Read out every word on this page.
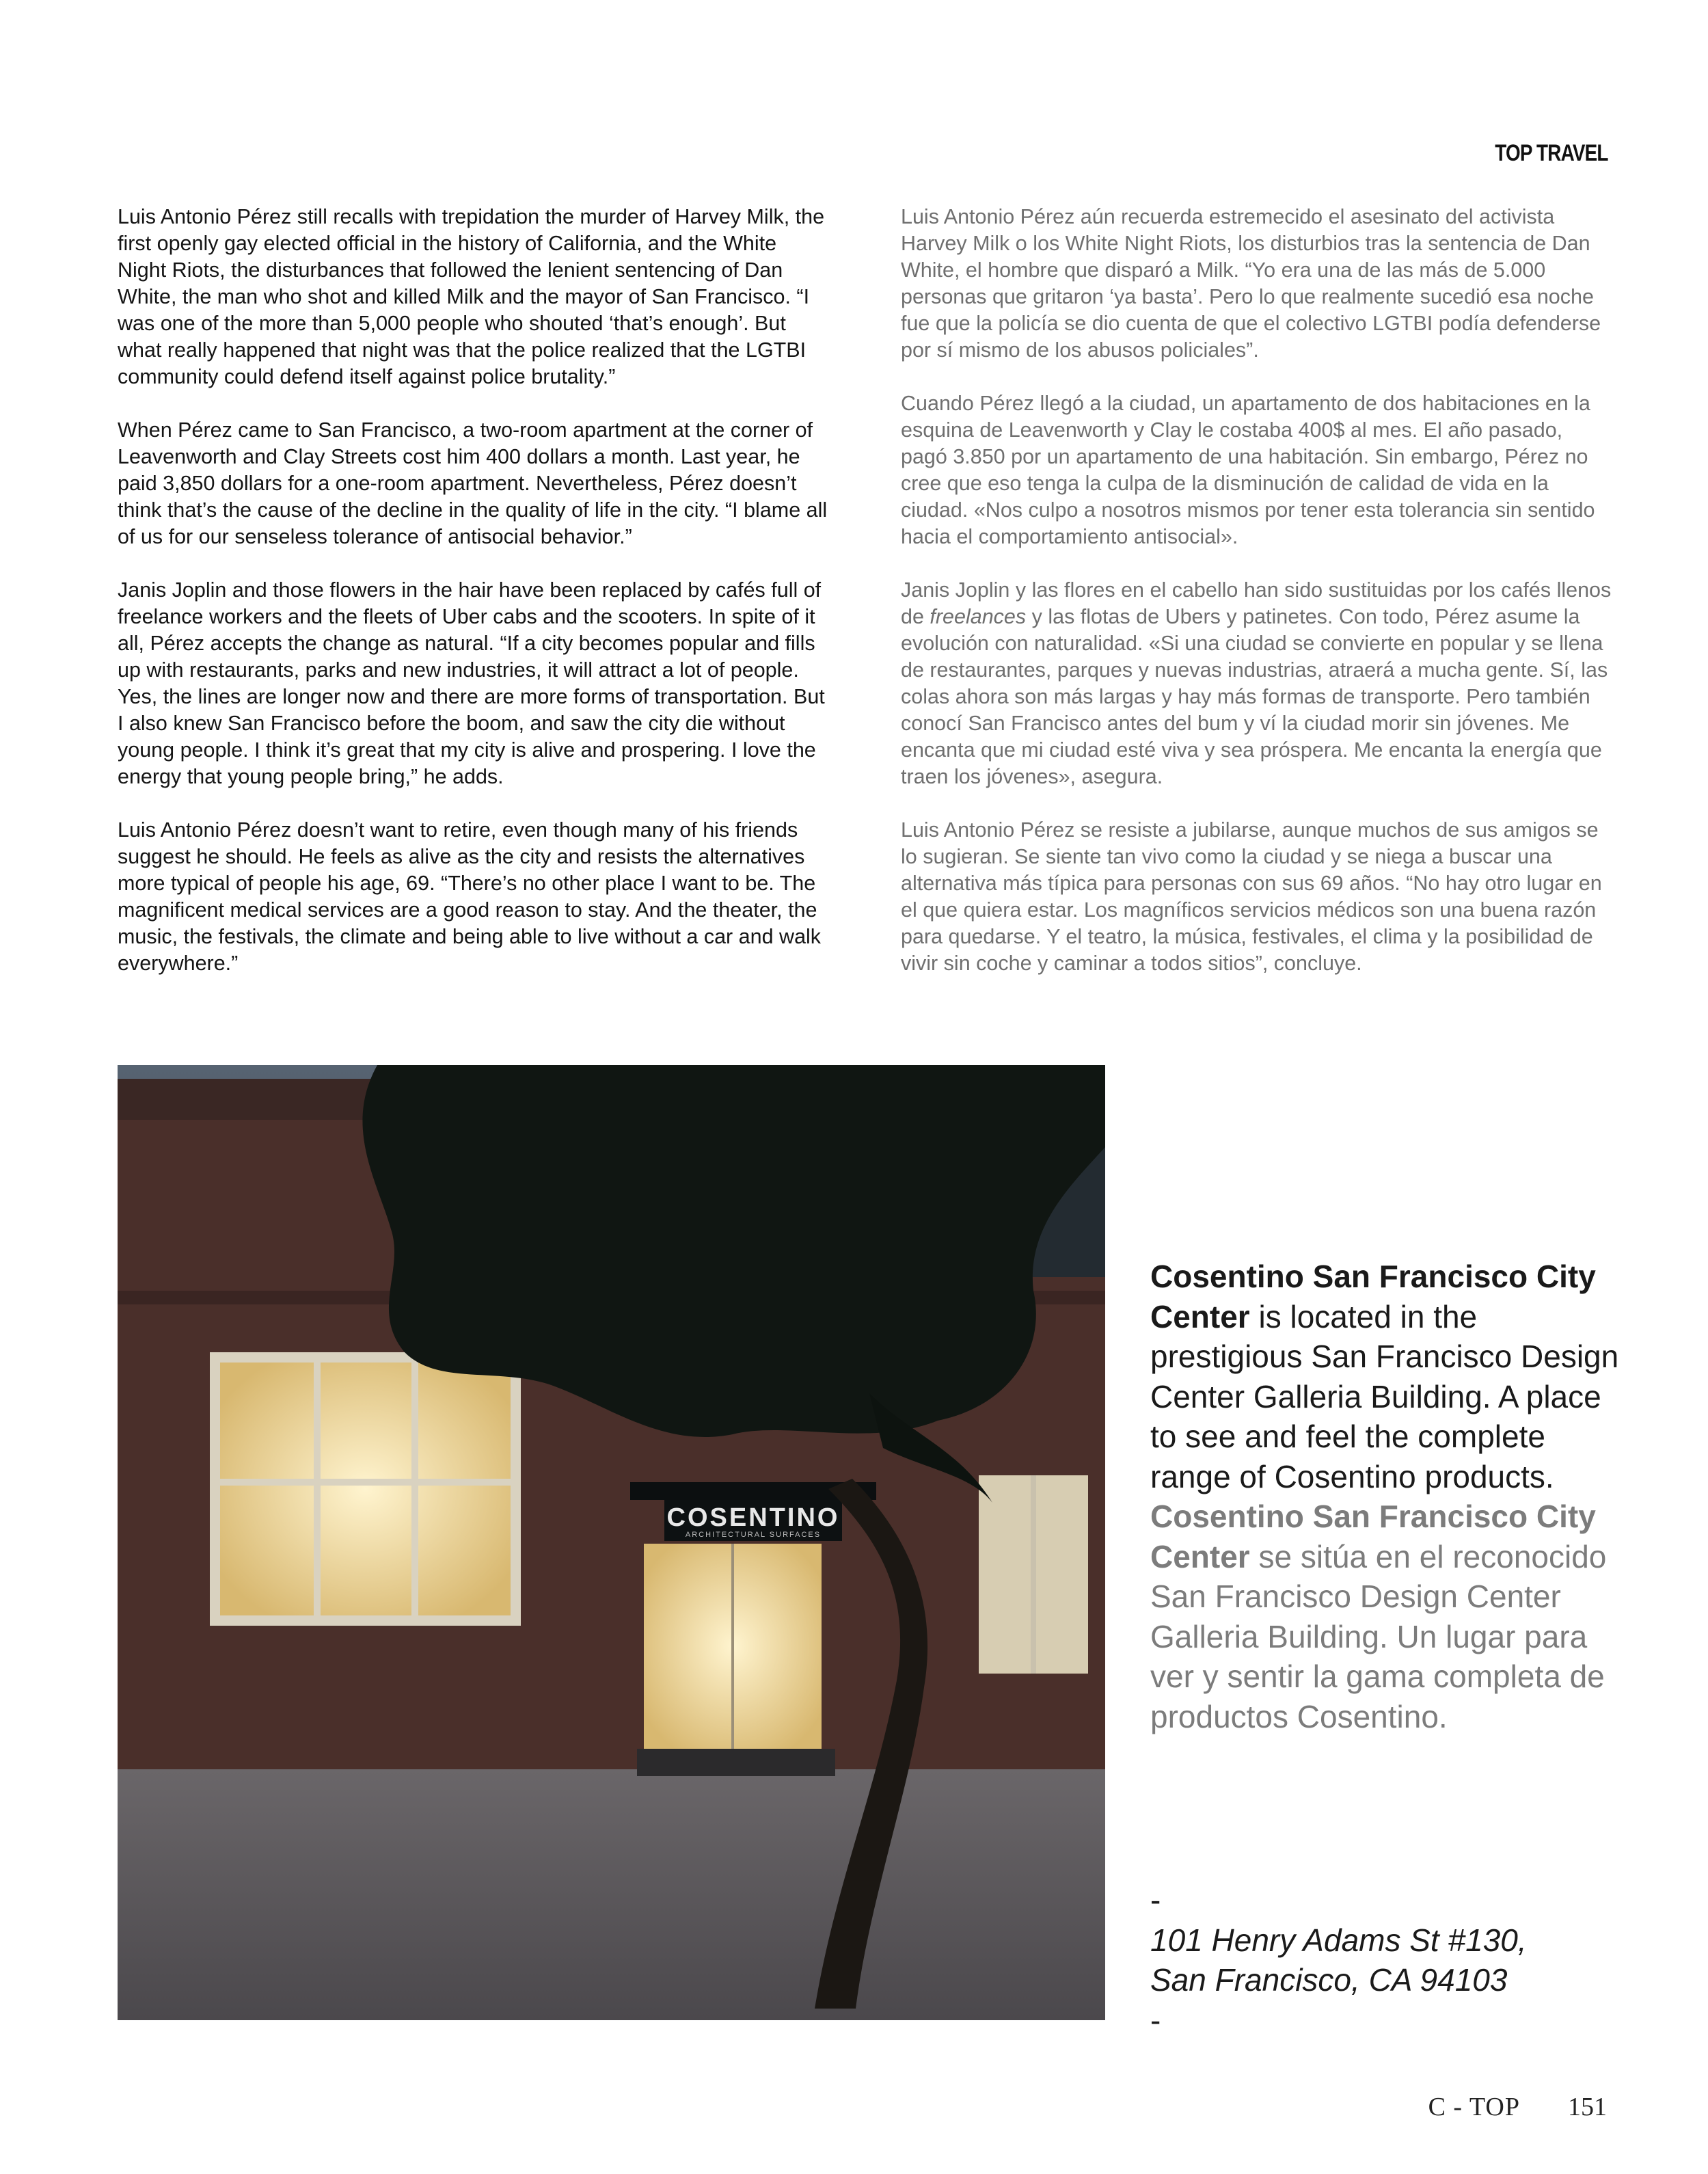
TOP TRAVEL

Luis Antonio Pérez still recalls with trepidation the murder of Harvey Milk, the first openly gay elected official in the history of California, and the White Night Riots, the disturbances that followed the lenient sentencing of Dan White, the man who shot and killed Milk and the mayor of San Francisco. “I was one of the more than 5,000 people who shouted ‘that’s enough’. But what really happened that night was that the police realized that the LGTBI community could defend itself against police brutality.”

When Pérez came to San Francisco, a two-room apartment at the corner of Leavenworth and Clay Streets cost him 400 dollars a month. Last year, he paid 3,850 dollars for a one-room apartment. Nevertheless, Pérez doesn’t think that’s the cause of the decline in the quality of life in the city. “I blame all of us for our senseless tolerance of antisocial behavior.”

Janis Joplin and those flowers in the hair have been replaced by cafés full of freelance workers and the fleets of Uber cabs and the scooters. In spite of it all, Pérez accepts the change as natural. “If a city becomes popular and fills up with restaurants, parks and new industries, it will attract a lot of people. Yes, the lines are longer now and there are more forms of transportation. But I also knew San Francisco before the boom, and saw the city die without young people. I think it’s great that my city is alive and prospering. I love the energy that young people bring,” he adds.

Luis Antonio Pérez doesn’t want to retire, even though many of his friends suggest he should. He feels as alive as the city and resists the alternatives more typical of people his age, 69. “There’s no other place I want to be. The magnificent medical services are a good reason to stay. And the theater, the music, the festivals, the climate and being able to live without a car and walk everywhere.”

Luis Antonio Pérez aún recuerda estremecido el asesinato del activista Harvey Milk o los White Night Riots, los disturbios tras la sentencia de Dan White, el hombre que disparó a Milk. “Yo era una de las más de 5.000 personas que gritaron ‘ya basta’. Pero lo que realmente sucedió esa noche fue que la policía se dio cuenta de que el colectivo LGTBI podía defenderse por sí mismo de los abusos policiales”.

Cuando Pérez llegó a la ciudad, un apartamento de dos habitaciones en la esquina de Leavenworth y Clay le costaba 400$ al mes. El año pasado, pagó 3.850 por un apartamento de una habitación. Sin embargo, Pérez no cree que eso tenga la culpa de la disminución de calidad de vida en la ciudad. «Nos culpo a nosotros mismos por tener esta tolerancia sin sentido hacia el comportamiento antisocial».

Janis Joplin y las flores en el cabello han sido sustituidas por los cafés llenos de freelances y las flotas de Ubers y patinetes. Con todo, Pérez asume la evolución con naturalidad. «Si una ciudad se convierte en popular y se llena de restaurantes, parques y nuevas industrias, atraerá a mucha gente. Sí, las colas ahora son más largas y hay más formas de transporte. Pero también conocí San Francisco antes del bum y ví la ciudad morir sin jóvenes. Me encanta que mi ciudad esté viva y sea próspera. Me encanta la energía que traen los jóvenes», asegura.

Luis Antonio Pérez se resiste a jubilarse, aunque muchos de sus amigos se lo sugieran. Se siente tan vivo como la ciudad y se niega a buscar una alternativa más típica para personas con sus 69 años. “No hay otro lugar en el que quiera estar. Los magníficos servicios médicos son una buena razón para quedarse. Y el teatro, la música, festivales, el clima y la posibilidad de vivir sin coche y caminar a todos sitios”, concluye.

COSENTINO
ARCHITECTURAL SURFACES

Cosentino San Francisco City Center is located in the prestigious San Francisco Design Center Galleria Building. A place to see and feel the complete range of Cosentino products.

Cosentino San Francisco City Center se sitúa en el reconocido San Francisco Design Center Galleria Building. Un lugar para ver y sentir la gama completa de productos Cosentino.

-
101 Henry Adams St #130,
San Francisco, CA 94103
-
C - TOP 151
